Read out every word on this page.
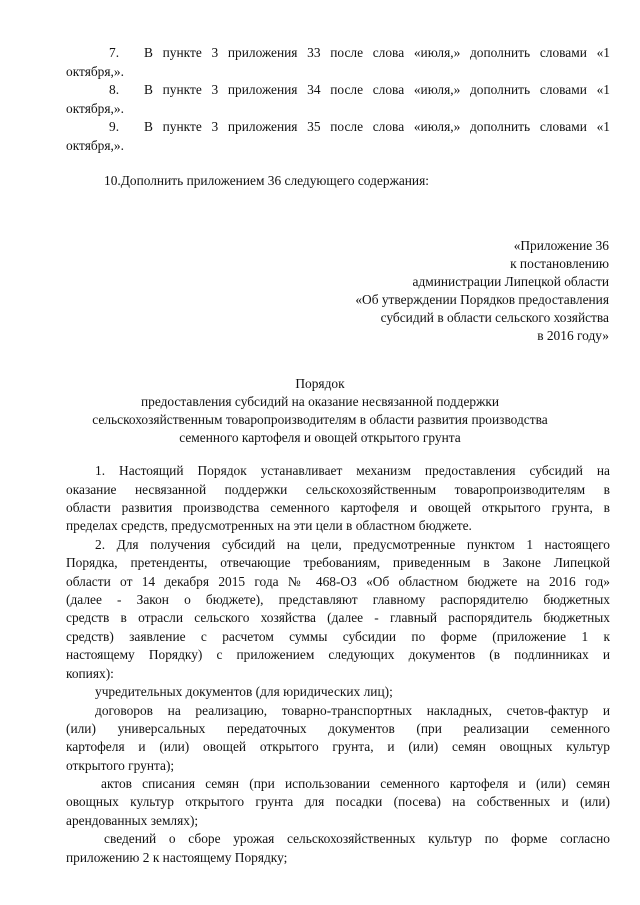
7. В пункте 3 приложения 33 после слова «июля,» дополнить словами «1
октября,».
8. В пункте 3 приложения 34 после слова «июля,» дополнить словами «1
октября,».
9. В пункте 3 приложения 35 после слова «июля,» дополнить словами «1
октября,».
10.Дополнить приложением 36 следующего содержания:
«Приложение 36
к постановлению
администрации Липецкой области
«Об утверждении Порядков предоставления
субсидий в области сельского хозяйства
в 2016 году»
Порядок
предоставления субсидий на оказание несвязанной поддержки
сельскохозяйственным товаропроизводителям в области развития производства
семенного картофеля и овощей открытого грунта
1. Настоящий Порядок устанавливает механизм предоставления субсидий на
оказание несвязанной поддержки сельскохозяйственным товаропроизводителям в
области развития производства семенного картофеля и овощей открытого грунта, в
пределах средств, предусмотренных на эти цели в областном бюджете.
2. Для получения субсидий на цели, предусмотренные пунктом 1 настоящего
Порядка, претенденты, отвечающие требованиям, приведенным в Законе Липецкой
области от 14 декабря 2015 года № 468-ОЗ «Об областном бюджете на 2016 год»
(далее - Закон о бюджете), представляют главному распорядителю бюджетных
средств в отрасли сельского хозяйства (далее - главный распорядитель бюджетных
средств) заявление с расчетом суммы субсидии по форме (приложение 1 к
настоящему Порядку) с приложением следующих документов (в подлинниках и
копиях):
учредительных документов (для юридических лиц);
договоров на реализацию, товарно-транспортных накладных, счетов-фактур и
(или) универсальных передаточных документов (при реализации семенного
картофеля и (или) овощей открытого грунта, и (или) семян овощных культур
открытого грунта);
актов списания семян (при использовании семенного картофеля и (или) семян
овощных культур открытого грунта для посадки (посева) на собственных и (или)
арендованных землях);
сведений о сборе урожая сельскохозяйственных культур по форме согласно
приложению 2 к настоящему Порядку;
